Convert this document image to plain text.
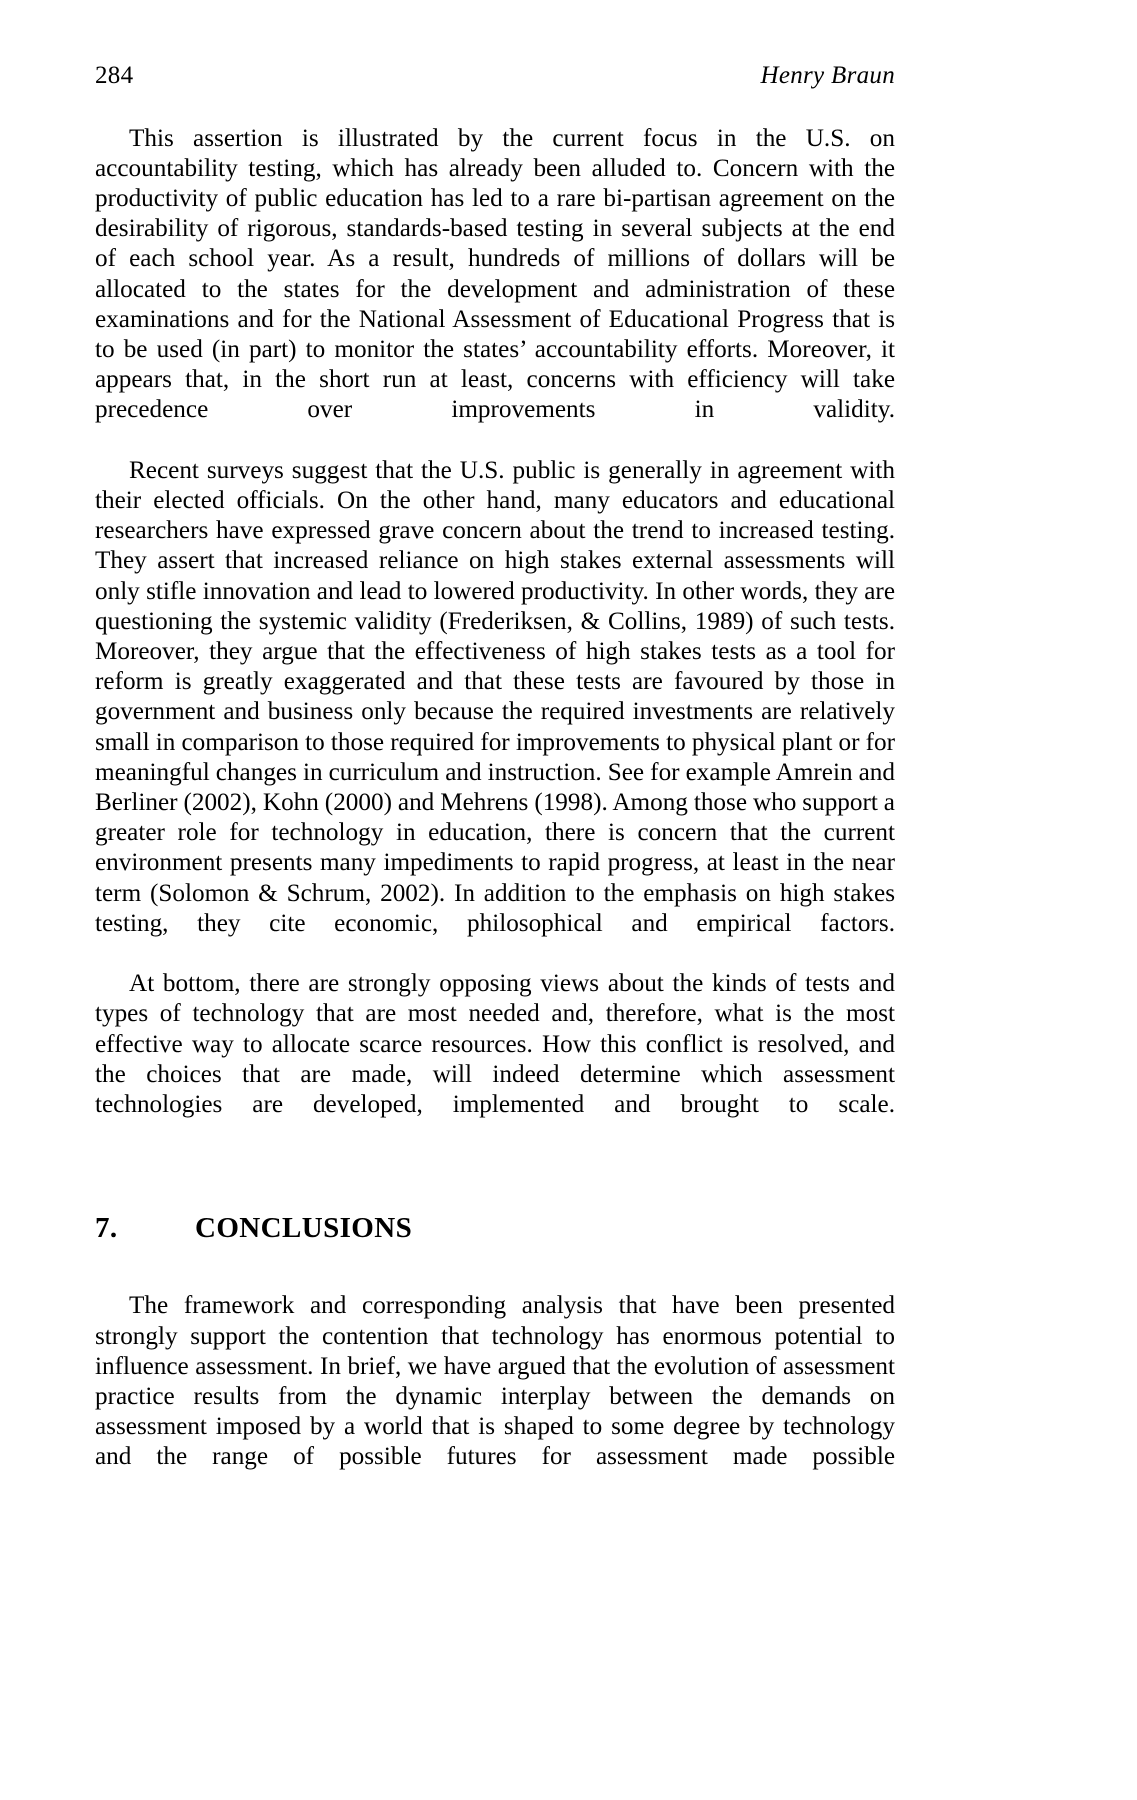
284	Henry Braun

This assertion is illustrated by the current focus in the U.S. on accountability testing, which has already been alluded to. Concern with the productivity of public education has led to a rare bi-partisan agreement on the desirability of rigorous, standards-based testing in several subjects at the end of each school year. As a result, hundreds of millions of dollars will be allocated to the states for the development and administration of these examinations and for the National Assessment of Educational Progress that is to be used (in part) to monitor the states’ accountability efforts. Moreover, it appears that, in the short run at least, concerns with efficiency will take precedence over improvements in validity.

Recent surveys suggest that the U.S. public is generally in agreement with their elected officials. On the other hand, many educators and educational researchers have expressed grave concern about the trend to increased testing. They assert that increased reliance on high stakes external assessments will only stifle innovation and lead to lowered productivity. In other words, they are questioning the systemic validity (Frederiksen, & Collins, 1989) of such tests. Moreover, they argue that the effectiveness of high stakes tests as a tool for reform is greatly exaggerated and that these tests are favoured by those in government and business only because the required investments are relatively small in comparison to those required for improvements to physical plant or for meaningful changes in curriculum and instruction. See for example Amrein and Berliner (2002), Kohn (2000) and Mehrens (1998). Among those who support a greater role for technology in education, there is concern that the current environment presents many impediments to rapid progress, at least in the near term (Solomon & Schrum, 2002). In addition to the emphasis on high stakes testing, they cite economic, philosophical and empirical factors.

At bottom, there are strongly opposing views about the kinds of tests and types of technology that are most needed and, therefore, what is the most effective way to allocate scarce resources. How this conflict is resolved, and the choices that are made, will indeed determine which assessment technologies are developed, implemented and brought to scale.

7.	CONCLUSIONS

The framework and corresponding analysis that have been presented strongly support the contention that technology has enormous potential to influence assessment. In brief, we have argued that the evolution of assessment practice results from the dynamic interplay between the demands on assessment imposed by a world that is shaped to some degree by technology and the range of possible futures for assessment made possible
